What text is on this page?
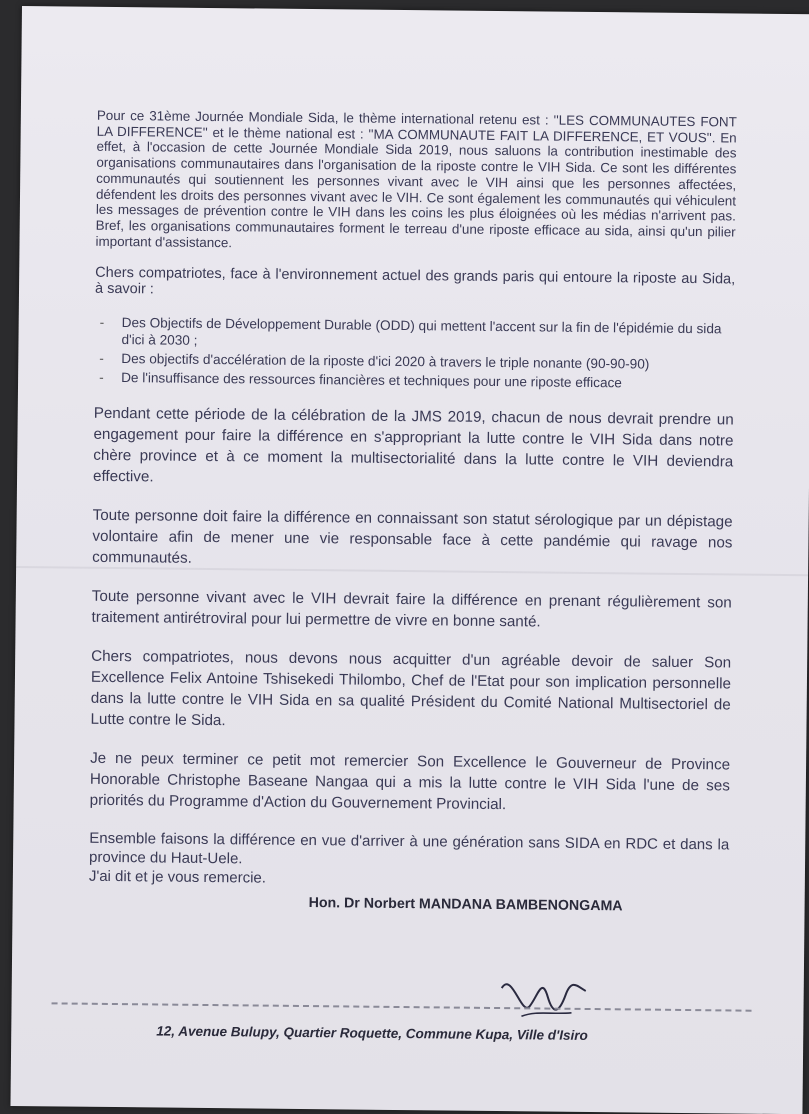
Pour ce 31ème Journée Mondiale Sida, le thème international retenu est : ''LES COMMUNAUTES FONT LA DIFFERENCE'' et le thème national est : ''MA COMMUNAUTE FAIT LA DIFFERENCE, ET VOUS''. En effet, à l'occasion de cette Journée Mondiale Sida 2019, nous saluons la contribution inestimable des organisations communautaires dans l'organisation de la riposte contre le VIH Sida. Ce sont les différentes communautés qui soutiennent les personnes vivant avec le VIH ainsi que les personnes affectées, défendent les droits des personnes vivant avec le VIH. Ce sont également les communautés qui véhiculent les messages de prévention contre le VIH dans les coins les plus éloignées où les médias n'arrivent pas. Bref, les organisations communautaires forment le terreau d'une riposte efficace au sida, ainsi qu'un pilier important d'assistance.

Chers compatriotes, face à l'environnement actuel des grands paris qui entoure la riposte au Sida, à savoir :

- Des Objectifs de Développement Durable (ODD) qui mettent l'accent sur la fin de l'épidémie du sida d'ici à 2030 ;
- Des objectifs d'accélération de la riposte d'ici 2020 à travers le triple nonante (90-90-90)
- De l'insuffisance des ressources financières et techniques pour une riposte efficace

Pendant cette période de la célébration de la JMS 2019, chacun de nous devrait prendre un engagement pour faire la différence en s'appropriant la lutte contre le VIH Sida dans notre chère province et à ce moment la multisectorialité dans la lutte contre le VIH deviendra effective.

Toute personne doit faire la différence en connaissant son statut sérologique par un dépistage volontaire afin de mener une vie responsable face à cette pandémie qui ravage nos communautés.

Toute personne vivant avec le VIH devrait faire la différence en prenant régulièrement son traitement antirétroviral pour lui permettre de vivre en bonne santé.

Chers compatriotes, nous devons nous acquitter d'un agréable devoir de saluer Son Excellence Felix Antoine Tshisekedi Thilombo, Chef de l'Etat pour son implication personnelle dans la lutte contre le VIH Sida en sa qualité Président du Comité National Multisectoriel de Lutte contre le Sida.

Je ne peux terminer ce petit mot remercier Son Excellence le Gouverneur de Province Honorable Christophe Baseane Nangaa qui a mis la lutte contre le VIH Sida l'une de ses priorités du Programme d'Action du Gouvernement Provincial.

Ensemble faisons la différence en vue d'arriver à une génération sans SIDA en RDC et dans la province du Haut-Uele.

J'ai dit et je vous remercie.

Hon. Dr Norbert MANDANA BAMBENONGAMA
12, Avenue Bulupy, Quartier Roquette, Commune Kupa, Ville d'Isiro
